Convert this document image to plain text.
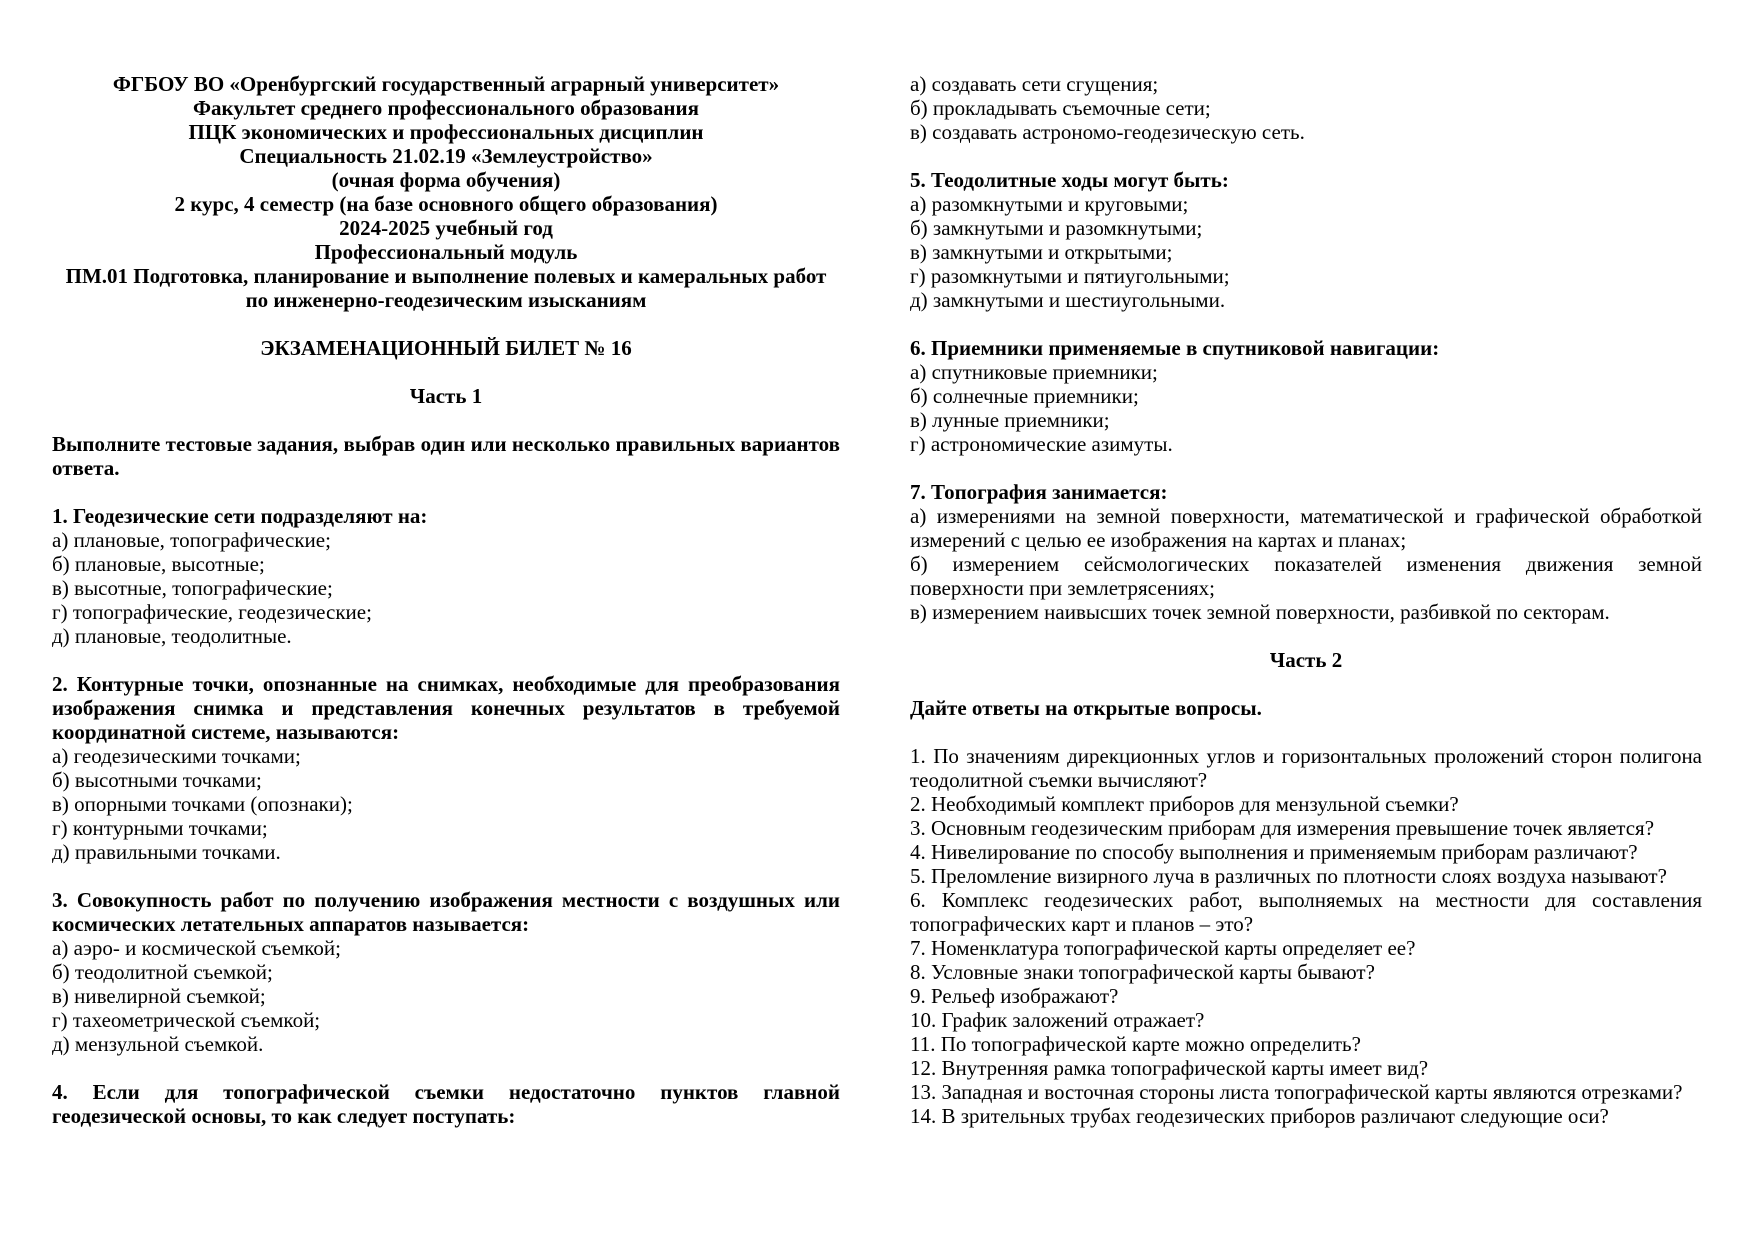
ФГБОУ ВО «Оренбургский государственный аграрный университет»
Факультет среднего профессионального образования
ПЦК экономических и профессиональных дисциплин
Специальность 21.02.19 «Землеустройство»
(очная форма обучения)
2 курс, 4 семестр (на базе основного общего образования)
2024-2025 учебный год
Профессиональный модуль
ПМ.01 Подготовка, планирование и выполнение полевых и камеральных работ
по инженерно-геодезическим изысканиям
ЭКЗАМЕНАЦИОННЫЙ БИЛЕТ № 16
Часть 1

Выполните тестовые задания, выбрав один или несколько правильных вариантов ответа.

1. Геодезические сети подразделяют на:

а) плановые, топографические;
б) плановые, высотные;
в) высотные, топографические;
г) топографические, геодезические;
д) плановые, теодолитные.

2. Контурные точки, опознанные на снимках, необходимые для преобразования изображения снимка и представления конечных результатов в требуемой координатной системе, называются:

а) геодезическими точками;
б) высотными точками;
в) опорными точками (опознаки);
г) контурными точками;
д) правильными точками.

3. Совокупность работ по получению изображения местности с воздушных или космических летательных аппаратов называется:

а) аэро- и космической съемкой;
б) теодолитной съемкой;
в) нивелирной съемкой;
г) тахеометрической съемкой;
д) мензульной съемкой.

4. Если для топографической съемки недостаточно пунктов главной геодезической основы, то как следует поступать:

а) создавать сети сгущения;
б) прокладывать съемочные сети;
в) создавать астрономо-геодезическую сеть.

5. Теодолитные ходы могут быть:

а) разомкнутыми и круговыми;
б) замкнутыми и разомкнутыми;
в) замкнутыми и открытыми;
г) разомкнутыми и пятиугольными;
д) замкнутыми и шестиугольными.

6. Приемники применяемые в спутниковой навигации:

а) спутниковые приемники;
б) солнечные приемники;
в) лунные приемники;
г) астрономические азимуты.

7. Топография занимается:

а) измерениями на земной поверхности, математической и графической обработкой измерений с целью ее изображения на картах и планах;

б) измерением сейсмологических показателей изменения движения земной поверхности при землетрясениях;

в) измерением наивысших точек земной поверхности, разбивкой по секторам.

Часть 2

Дайте ответы на открытые вопросы.

1. По значениям дирекционных углов и горизонтальных проложений сторон полигона теодолитной съемки вычисляют?

2. Необходимый комплект приборов для мензульной съемки?

3. Основным геодезическим приборам для измерения превышение точек является?

4. Нивелирование по способу выполнения и применяемым приборам различают?

5. Преломление визирного луча в различных по плотности слоях воздуха называют?

6. Комплекс геодезических работ, выполняемых на местности для составления топографических карт и планов – это?

7. Номенклатура топографической карты определяет ее?

8. Условные знаки топографической карты бывают?

9. Рельеф изображают?

10. График заложений отражает?

11. По топографической карте можно определить?

12. Внутренняя рамка топографической карты имеет вид?

13. Западная и восточная стороны листа топографической карты являются отрезками?

14. В зрительных трубах геодезических приборов различают следующие оси?
